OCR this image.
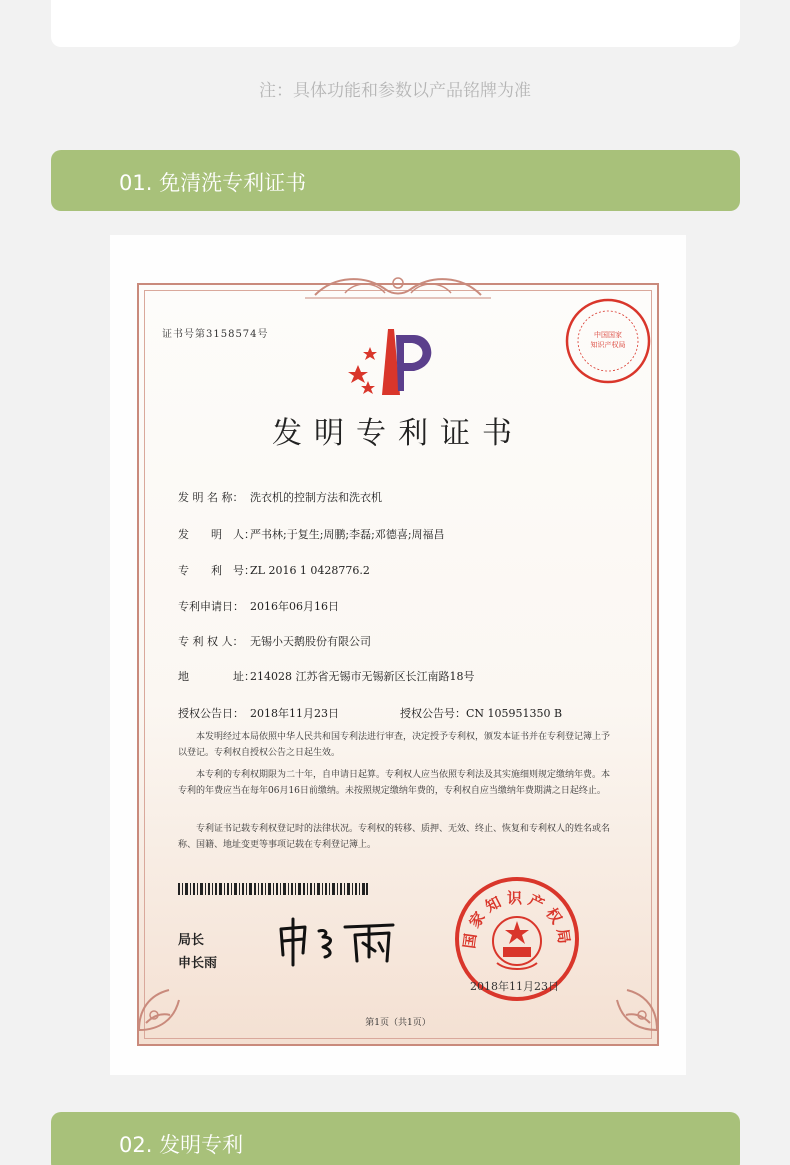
注：具体功能和参数以产品铭牌为准
01. 免清洗专利证书
证书号第3158574号	中国国家
知识产权局
发明专利证书
发 明 名 称： 洗衣机的控制方法和洗衣机
发　　明　人：严书林;于复生;周鹏;李磊;邓德喜;周福昌
专　　利　号：ZL 2016 1 0428776.2
专利申请日： 2016年06月16日
专 利 权 人： 无锡小天鹅股份有限公司
地　　　　址：214028 江苏省无锡市无锡新区长江南路18号
授权公告日： 2018年11月23日	授权公告号：CN 105951350 B
本发明经过本局依照中华人民共和国专利法进行审查，决定授予专利权，颁发本证书并在专利登记簿上予以登记。专利权自授权公告之日起生效。
本专利的专利权期限为二十年，自申请日起算。专利权人应当依照专利法及其实施细则规定缴纳年费。本专利的年费应当在每年06月16日前缴纳。未按照规定缴纳年费的，专利权自应当缴纳年费期满之日起终止。
专利证书记载专利权登记时的法律状况。专利权的转移、质押、无效、终止、恢复和专利权人的姓名或名称、国籍、地址变更等事项记载在专利登记簿上。
局长
申长雨
国家知识产权局
2018年11月23日
第1页（共1页）
02. 发明专利
